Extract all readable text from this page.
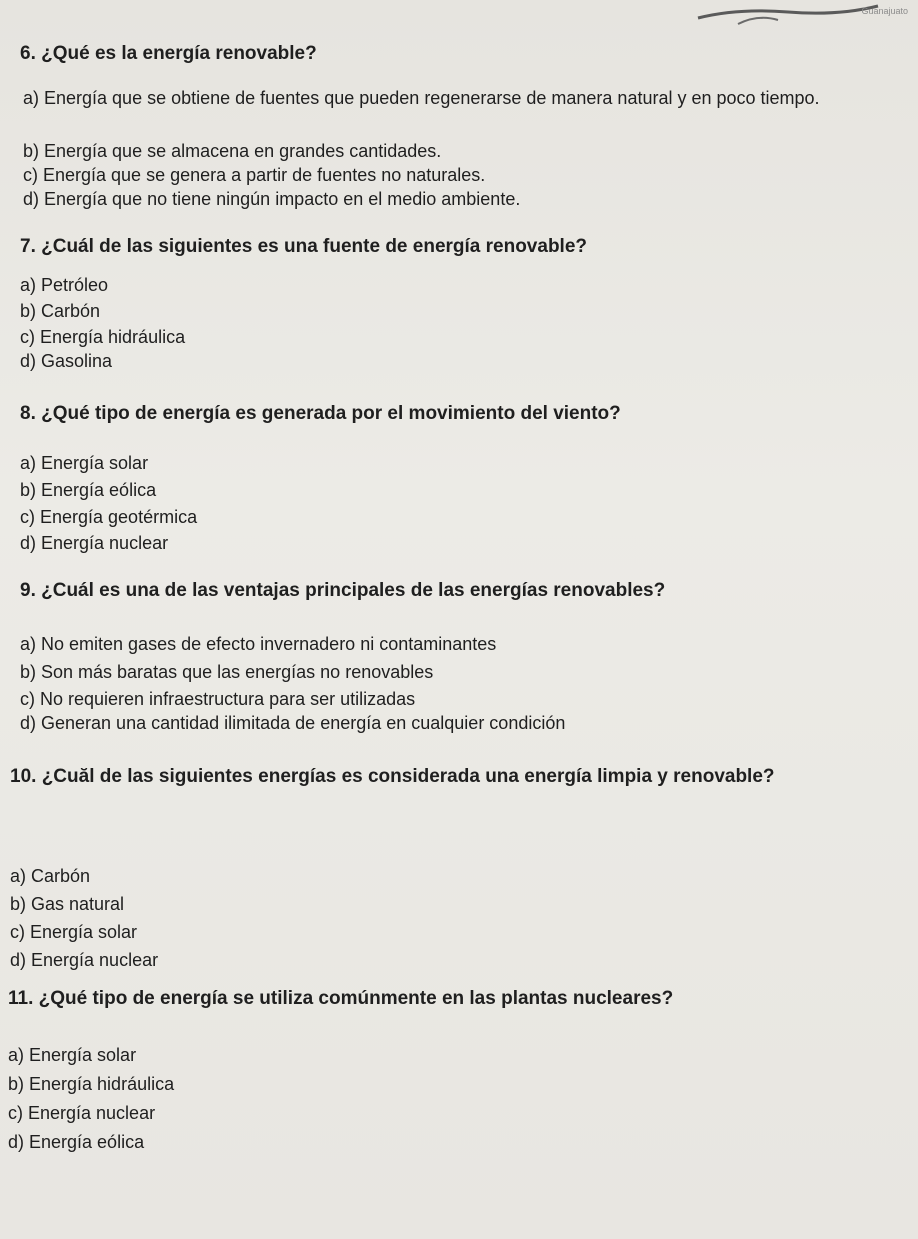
Guanajuato
6. ¿Qué es la energía renovable?
a) Energía que se obtiene de fuentes que pueden regenerarse de manera natural y en poco tiempo.
b) Energía que se almacena en grandes cantidades.
c) Energía que se genera a partir de fuentes no naturales.
d) Energía que no tiene ningún impacto en el medio ambiente.
7. ¿Cuál de las siguientes es una fuente de energía renovable?
a) Petróleo
b) Carbón
c) Energía hidráulica
d) Gasolina
8. ¿Qué tipo de energía es generada por el movimiento del viento?
a) Energía solar
b) Energía eólica
c) Energía geotérmica
d) Energía nuclear
9. ¿Cuál es una de las ventajas principales de las energías renovables?
a) No emiten gases de efecto invernadero ni contaminantes
b) Son más baratas que las energías no renovables
c) No requieren infraestructura para ser utilizadas
d) Generan una cantidad ilimitada de energía en cualquier condición
10. ¿Cuăl de las siguientes energías es considerada una energía limpia y renovable?
a) Carbón
b) Gas natural
c) Energía solar
d) Energía nuclear
11. ¿Qué tipo de energía se utiliza comúnmente en las plantas nucleares?
a) Energía solar
b) Energía hidráulica
c) Energía nuclear
d) Energía eólica
